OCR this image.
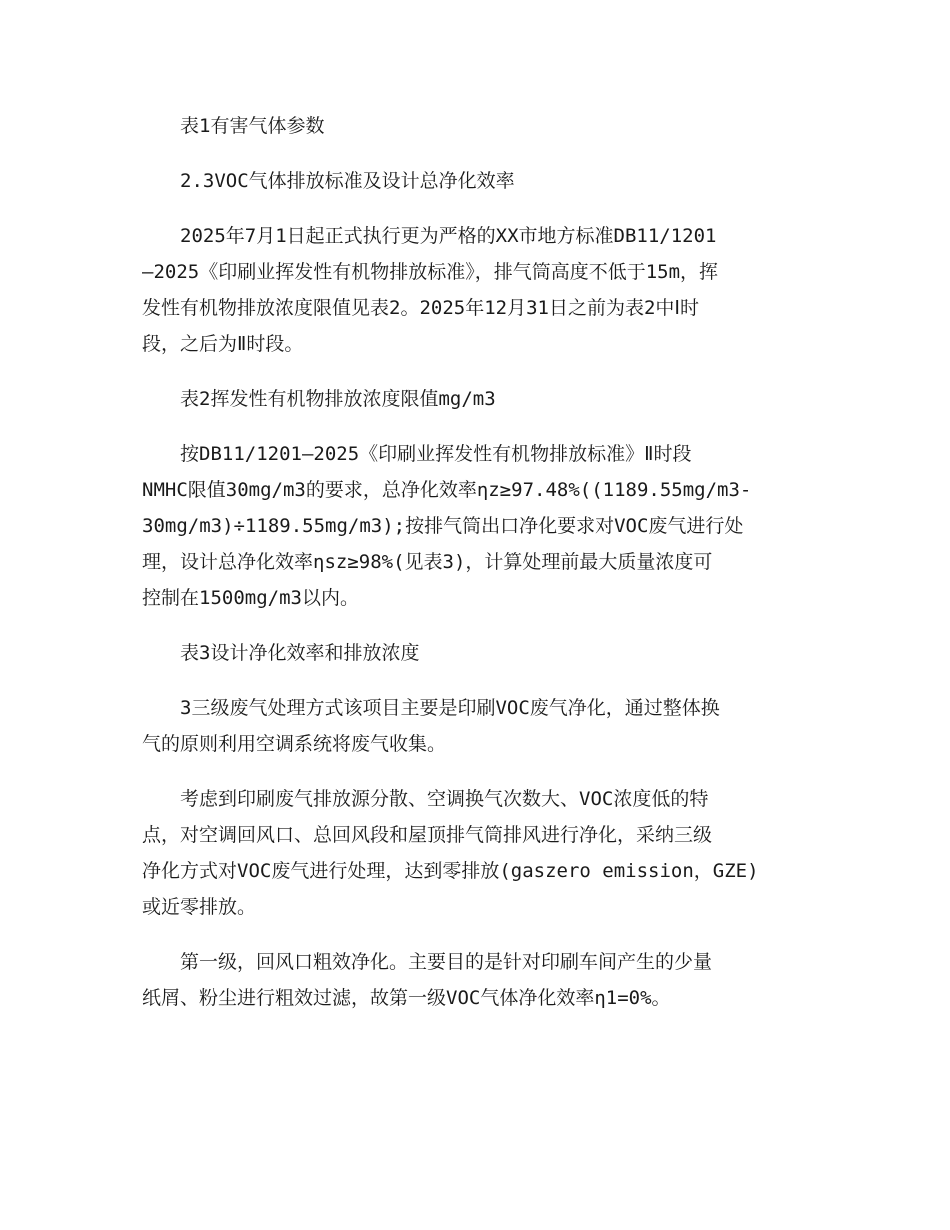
表1有害气体参数

2.3VOC气体排放标准及设计总净化效率

2025年7月1日起正式执行更为严格的XX市地方标准DB11/1201
—2025《印刷业挥发性有机物排放标准》，排气筒高度不低于15m，挥
发性有机物排放浓度限值见表2。2025年12月31日之前为表2中Ⅰ时
段，之后为Ⅱ时段。

表2挥发性有机物排放浓度限值mg/m3

按DB11/1201—2025《印刷业挥发性有机物排放标准》Ⅱ时段
NMHC限值30mg/m3的要求，总净化效率ηz≥97.48%((1189.55mg/m3-
30mg/m3)÷1189.55mg/m3);按排气筒出口净化要求对VOC废气进行处
理，设计总净化效率ηsz≥98%(见表3)，计算处理前最大质量浓度可
控制在1500mg/m3以内。

表3设计净化效率和排放浓度

3三级废气处理方式该项目主要是印刷VOC废气净化，通过整体换
气的原则利用空调系统将废气收集。

考虑到印刷废气排放源分散、空调换气次数大、VOC浓度低的特
点，对空调回风口、总回风段和屋顶排气筒排风进行净化，采纳三级
净化方式对VOC废气进行处理，达到零排放(gaszero emission，GZE)
或近零排放。

第一级，回风口粗效净化。主要目的是针对印刷车间产生的少量
纸屑、粉尘进行粗效过滤，故第一级VOC气体净化效率η1=0%。
